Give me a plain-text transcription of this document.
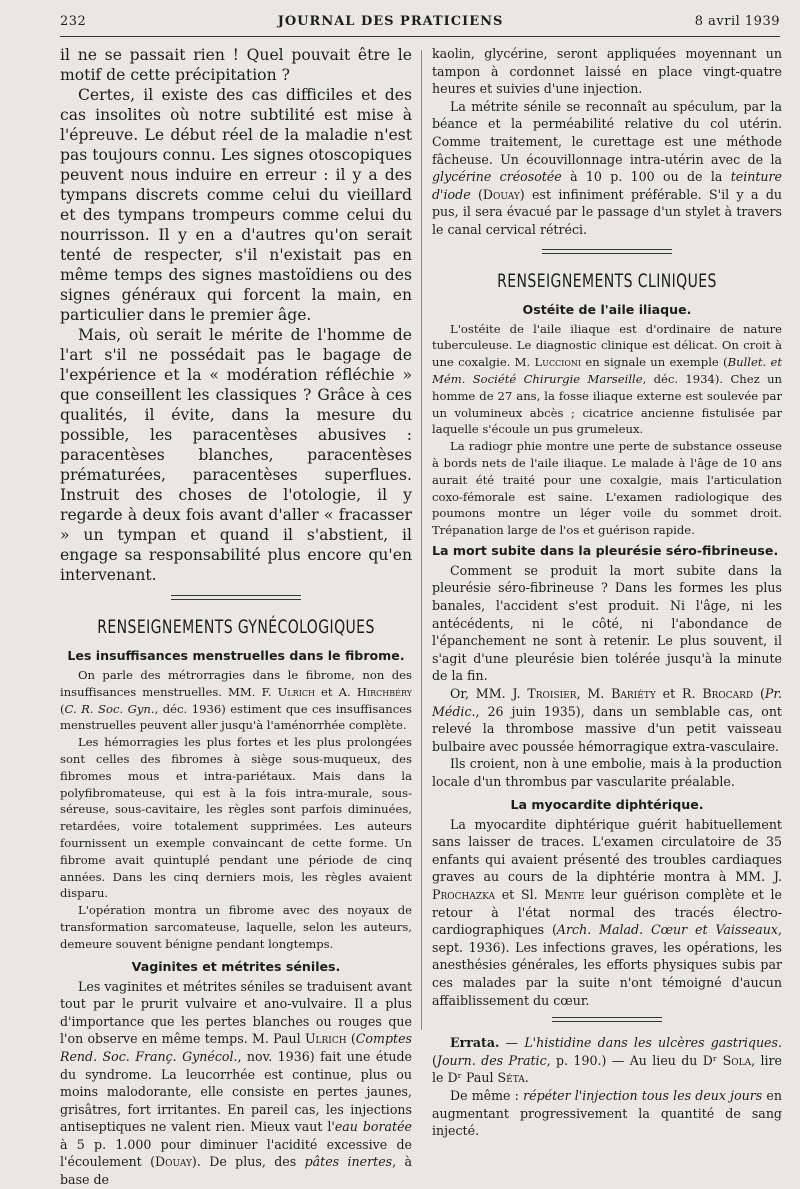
232	JOURNAL DES PRATICIENS	8 avril 1939

il ne se passait rien ! Quel pouvait être le motif de cette précipitation ?

Certes, il existe des cas difficiles et des cas insolites où notre subtilité est mise à l'épreuve. Le début réel de la maladie n'est pas toujours connu. Les signes otoscopiques peuvent nous induire en erreur : il y a des tympans discrets comme celui du vieillard et des tympans trompeurs comme celui du nourrisson. Il y en a d'autres qu'on serait tenté de respecter, s'il n'existait pas en même temps des signes mastoïdiens ou des signes généraux qui forcent la main, en particulier dans le premier âge.

Mais, où serait le mérite de l'homme de l'art s'il ne possédait pas le bagage de l'expérience et la « modération réfléchie » que conseillent les classiques ? Grâce à ces qualités, il évite, dans la mesure du possible, les paracentèses abusives : paracentèses blanches, paracentèses prématurées, paracentèses superflues. Instruit des choses de l'otologie, il y regarde à deux fois avant d'aller « fracasser » un tympan et quand il s'abstient, il engage sa responsabilité plus encore qu'en intervenant.

RENSEIGNEMENTS GYNÉCOLOGIQUES
Les insuffisances menstruelles dans le fibrome.

On parle des métrorragies dans le fibrome, non des insuffisances menstruelles. MM. F. Ulrich et A. Hirchbéry (C. R. Soc. Gyn., déc. 1936) estiment que ces insuffisances menstruelles peuvent aller jusqu'à l'aménorrhée complète.

Les hémorragies les plus fortes et les plus prolongées sont celles des fibromes à siège sous-muqueux, des fibromes mous et intra-pariétaux. Mais dans la polyfibromateuse, qui est à la fois intra-murale, sous-séreuse, sous-cavitaire, les règles sont parfois diminuées, retardées, voire totalement supprimées. Les auteurs fournissent un exemple convaincant de cette forme. Un fibrome avait quintuplé pendant une période de cinq années. Dans les cinq derniers mois, les règles avaient disparu.

L'opération montra un fibrome avec des noyaux de transformation sarcomateuse, laquelle, selon les auteurs, demeure souvent bénigne pendant longtemps.

Vaginites et métrites séniles.

Les vaginites et métrites séniles se traduisent avant tout par le prurit vulvaire et ano-vulvaire. Il a plus d'importance que les pertes blanches ou rouges que l'on observe en même temps. M. Paul Ulrich (Comptes Rend. Soc. Franç. Gynécol., nov. 1936) fait une étude du syndrome. La leucorrhée est continue, plus ou moins malodorante, elle consiste en pertes jaunes, grisâtres, fort irritantes. En pareil cas, les injections antiseptiques ne valent rien. Mieux vaut l'eau boratée à 5 p. 1.000 pour diminuer l'acidité excessive de l'écoulement (Douay). De plus, des pâtes inertes, à base de

kaolin, glycérine, seront appliquées moyennant un tampon à cordonnet laissé en place vingt-quatre heures et suivies d'une injection.

La métrite sénile se reconnaît au spéculum, par la béance et la perméabilité relative du col utérin. Comme traitement, le curettage est une méthode fâcheuse. Un écouvillonnage intra-utérin avec de la glycérine créosotée à 10 p. 100 ou de la teinture d'iode (Douay) est infiniment préférable. S'il y a du pus, il sera évacué par le passage d'un stylet à travers le canal cervical rétréci.

RENSEIGNEMENTS CLINIQUES
Ostéite de l'aile iliaque.

L'ostéite de l'aile iliaque est d'ordinaire de nature tuberculeuse. Le diagnostic clinique est délicat. On croit à une coxalgie. M. Luccioni en signale un exemple (Bullet. et Mém. Société Chirurgie Marseille, déc. 1934). Chez un homme de 27 ans, la fosse iliaque externe est soulevée par un volumineux abcès ; cicatrice ancienne fistulisée par laquelle s'écoule un pus grumeleux.

La radiogr phie montre une perte de substance osseuse à bords nets de l'aile iliaque. Le malade à l'âge de 10 ans aurait été traité pour une coxalgie, mais l'articulation coxo-fémorale est saine. L'examen radiologique des poumons montre un léger voile du sommet droit. Trépanation large de l'os et guérison rapide.

La mort subite dans la pleurésie séro-fibrineuse.

Comment se produit la mort subite dans la pleurésie séro-fibrineuse ? Dans les formes les plus banales, l'accident s'est produit. Ni l'âge, ni les antécédents, ni le côté, ni l'abondance de l'épanchement ne sont à retenir. Le plus souvent, il s'agit d'une pleurésie bien tolérée jusqu'à la minute de la fin.

Or, MM. J. Troisier, M. Bariéty et R. Brocard (Pr. Médic., 26 juin 1935), dans un semblable cas, ont relevé la thrombose massive d'un petit vaisseau bulbaire avec poussée hémorragique extra-vasculaire.

Ils croient, non à une embolie, mais à la production locale d'un thrombus par vascularite préalable.

La myocardite diphtérique.

La myocardite diphtérique guérit habituellement sans laisser de traces. L'examen circulatoire de 35 enfants qui avaient présenté des troubles cardiaques graves au cours de la diphtérie montra à MM. J. Prochazka et Sl. Mente leur guérison complète et le retour à l'état normal des tracés électro-cardiographiques (Arch. Malad. Cœur et Vaisseaux, sept. 1936). Les infections graves, les opérations, les anesthésies générales, les efforts physiques subis par ces malades par la suite n'ont témoigné d'aucun affaiblissement du cœur.

Errata. — L'histidine dans les ulcères gastriques. (Journ. des Pratic, p. 190.) — Au lieu du Dʳ Sola, lire le Dʳ Paul Séta.

De même : répéter l'injection tous les deux jours en augmentant progressivement la quantité de sang injecté.
